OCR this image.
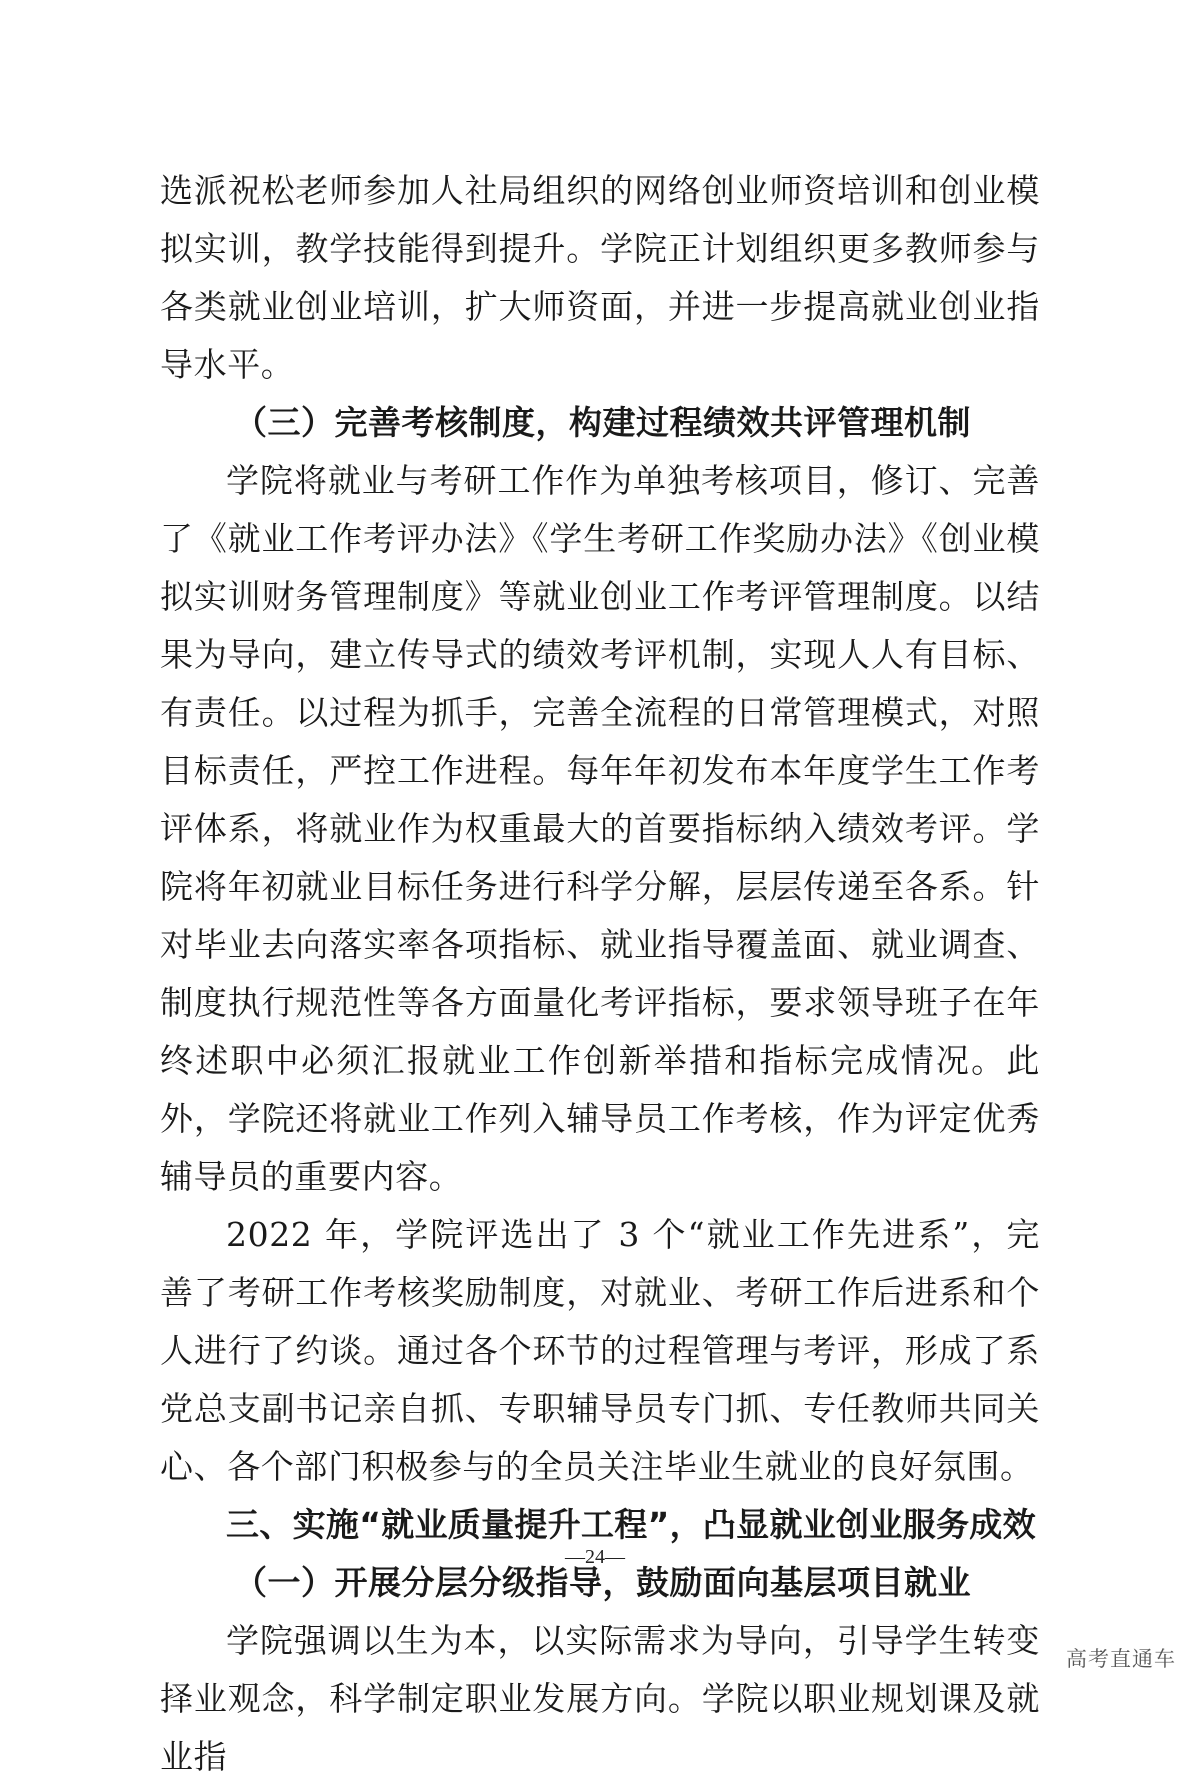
选派祝松老师参加人社局组织的网络创业师资培训和创业模拟实训，教学技能得到提升。学院正计划组织更多教师参与各类就业创业培训，扩大师资面，并进一步提高就业创业指导水平。

（三）完善考核制度，构建过程绩效共评管理机制

学院将就业与考研工作作为单独考核项目，修订、完善了《就业工作考评办法》《学生考研工作奖励办法》《创业模拟实训财务管理制度》等就业创业工作考评管理制度。以结果为导向，建立传导式的绩效考评机制，实现人人有目标、有责任。以过程为抓手，完善全流程的日常管理模式，对照目标责任，严控工作进程。每年年初发布本年度学生工作考评体系，将就业作为权重最大的首要指标纳入绩效考评。学院将年初就业目标任务进行科学分解，层层传递至各系。针对毕业去向落实率各项指标、就业指导覆盖面、就业调查、制度执行规范性等各方面量化考评指标，要求领导班子在年终述职中必须汇报就业工作创新举措和指标完成情况。此外，学院还将就业工作列入辅导员工作考核，作为评定优秀辅导员的重要内容。

2022 年，学院评选出了 3 个“就业工作先进系”，完善了考研工作考核奖励制度，对就业、考研工作后进系和个人进行了约谈。通过各个环节的过程管理与考评，形成了系党总支副书记亲自抓、专职辅导员专门抓、专任教师共同关心、各个部门积极参与的全员关注毕业生就业的良好氛围。

三、实施“就业质量提升工程”，凸显就业创业服务成效
（一）开展分层分级指导，鼓励面向基层项目就业

学院强调以生为本，以实际需求为导向，引导学生转变择业观念，科学制定职业发展方向。学院以职业规划课及就业指

—24—
高考直通车
